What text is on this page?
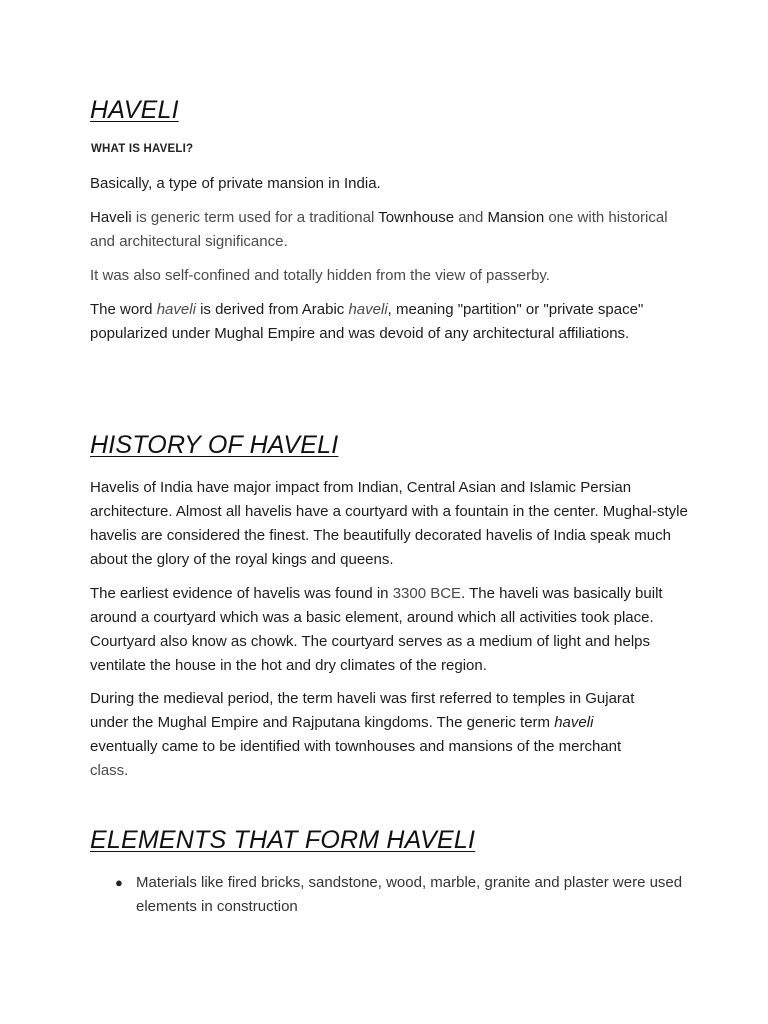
HAVELI
WHAT IS HAVELI?

Basically, a type of private mansion in India.

Haveli is generic term used for a traditional Townhouse and Mansion one with historical and architectural significance.

It was also self-confined and totally hidden from the view of passerby.

The word haveli is derived from Arabic haveli, meaning "partition" or "private space" popularized under Mughal Empire and was devoid of any architectural affiliations.

HISTORY OF HAVELI

Havelis of India have major impact from Indian, Central Asian and Islamic Persian architecture. Almost all havelis have a courtyard with a fountain in the center. Mughal-style havelis are considered the finest. The beautifully decorated havelis of India speak much about the glory of the royal kings and queens.

The earliest evidence of havelis was found in 3300 BCE. The haveli was basically built around a courtyard which was a basic element, around which all activities took place. Courtyard also know as chowk. The courtyard serves as a medium of light and helps ventilate the house in the hot and dry climates of the region.

During the medieval period, the term haveli was first referred to temples in Gujarat under the Mughal Empire and Rajputana kingdoms. The generic term haveli eventually came to be identified with townhouses and mansions of the merchant class.

ELEMENTS THAT FORM HAVELI
● Materials like fired bricks, sandstone, wood, marble, granite and plaster were used elements in construction
